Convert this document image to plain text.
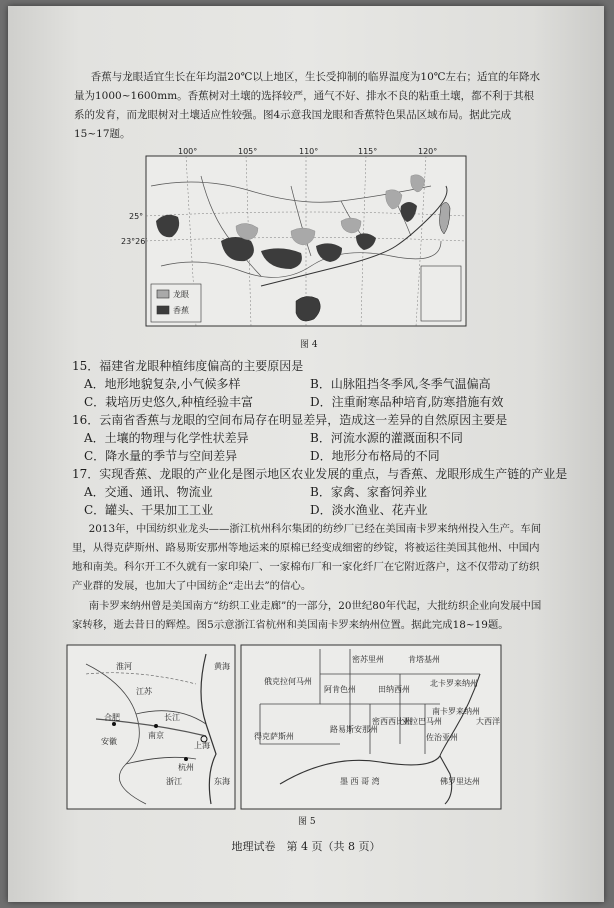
香蕉与龙眼适宜生长在年均温20℃以上地区，生长受抑制的临界温度为10℃左右；适宜的年降水量为1000~1600mm。香蕉树对土壤的选择较严，通气不好、排水不良的粘重土壤，都不利于其根系的发育，而龙眼树对土壤适应性较强。图4示意我国龙眼和香蕉特色果品区域布局。据此完成15~17题。

100°	105°	110°	115°	120°
25°
23°26′
龙眼
香蕉
图 4
15．福建省龙眼种植纬度偏高的主要原因是
A．地形地貌复杂,小气候多样	B．山脉阻挡冬季风,冬季气温偏高
C．栽培历史悠久,种植经验丰富	D．注重耐寒品种培育,防寒措施有效
16．云南省香蕉与龙眼的空间布局存在明显差异，造成这一差异的自然原因主要是
A．土壤的物理与化学性状差异	B．河流水源的灌溉面积不同
C．降水量的季节与空间差异	D．地形分布格局的不同
17．实现香蕉、龙眼的产业化是图示地区农业发展的重点，与香蕉、龙眼形成生产链的产业是
A．交通、通讯、物流业	B．家禽、家畜饲养业
C．罐头、干果加工工业	D．淡水渔业、花卉业

2013年，中国纺织业龙头——浙江杭州科尔集团的纺纱厂已经在美国南卡罗来纳州投入生产。车间里，从得克萨斯州、路易斯安那州等地运来的原棉已经变成细密的纱锭，将被运往美国其他州、中国内地和南美。科尔开工不久就有一家印染厂、一家棉布厂和一家化纤厂在它附近落户，这不仅带动了纺织产业群的发展，也加大了中国纺企“走出去”的信心。

南卡罗来纳州曾是美国南方“纺织工业走廊”的一部分，20世纪80年代起，大批纺织企业向发展中国家转移，逝去昔日的辉煌。图5示意浙江省杭州和美国南卡罗来纳州位置。据此完成18~19题。

江苏
安徽
浙江
黄海
东海
合肥
南京
上海
杭州
长江
淮河
密苏里州	肯塔基州
田纳西州
北卡罗来纳州
俄克拉何马州
阿肯色州
南卡罗来纳州
密西西比州
亚拉巴马州
佐治亚州
路易斯安那州
得克萨斯州
佛罗里达州
墨 西 哥 湾
大西洋
图 5
地理试卷　第 4 页（共 8 页）
